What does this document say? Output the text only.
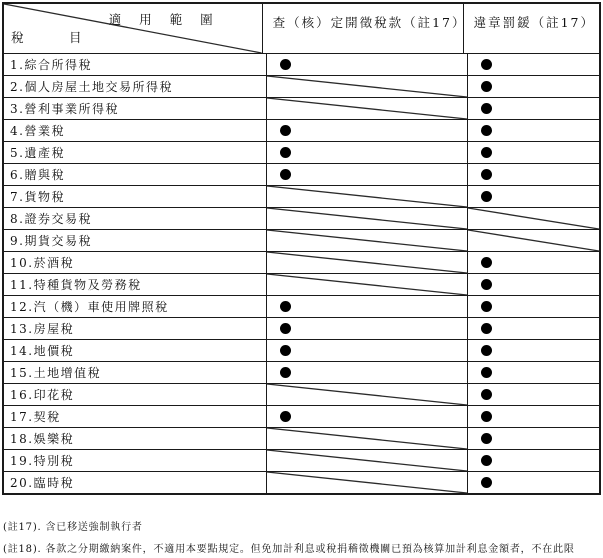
適 用 範 圍
稅　　　目
查（核）定開徵稅款（註17） 違章罰鍰（註17）
1.綜合所得稅
2.個人房屋土地交易所得稅
3.營利事業所得稅
4.營業稅
5.遺產稅
6.贈與稅
7.貨物稅
8.證券交易稅
9.期貨交易稅
10.菸酒稅
11.特種貨物及勞務稅
12.汽（機）車使用牌照稅
13.房屋稅
14.地價稅
15.土地增值稅
16.印花稅
17.契稅
18.娛樂稅
19.特別稅
20.臨時稅
(註17). 含已移送強制執行者
(註18). 各款之分期繳納案件，不適用本要點規定。但免加計利息或稅捐稽徵機關已預為核算加計利息金額者，不在此限
